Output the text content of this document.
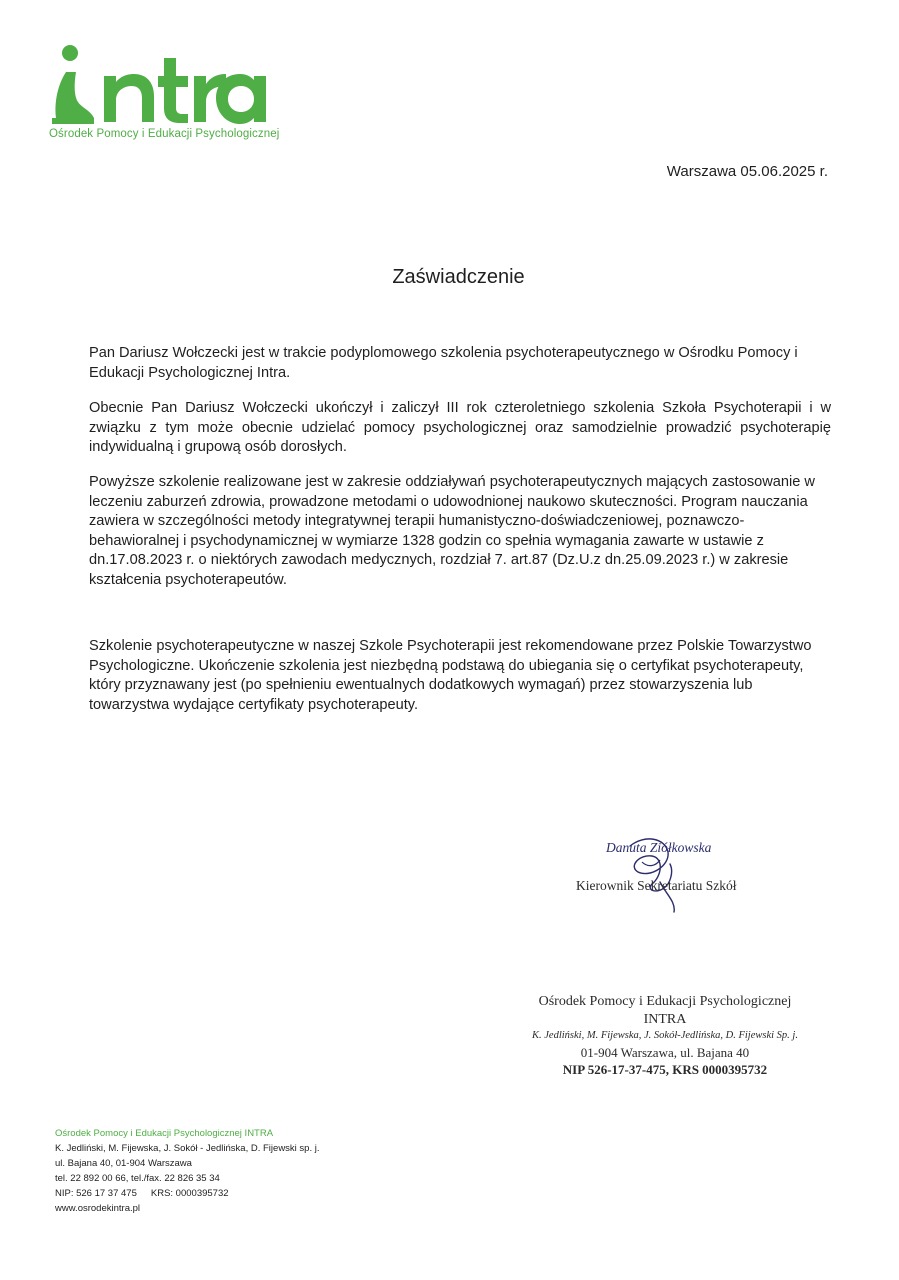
Ośrodek Pomocy i Edukacji Psychologicznej
Warszawa 05.06.2025 r.
Zaświadczenie
Pan Dariusz Wołczecki jest w trakcie podyplomowego szkolenia psychoterapeutycznego w Ośrodku Pomocy i Edukacji Psychologicznej Intra.
Obecnie Pan Dariusz Wołczecki ukończył i zaliczył III rok czteroletniego szkolenia Szkoła Psychoterapii i w związku z tym może obecnie udzielać pomocy psychologicznej oraz samodzielnie prowadzić psychoterapię indywidualną i grupową osób dorosłych.
Powyższe szkolenie realizowane jest w zakresie oddziaływań psychoterapeutycznych mających zastosowanie w leczeniu zaburzeń zdrowia, prowadzone metodami o udowodnionej naukowo skuteczności. Program nauczania zawiera w szczególności metody integratywnej terapii humanistyczno-doświadczeniowej, poznawczo-behawioralnej i psychodynamicznej w wymiarze 1328 godzin co spełnia wymagania zawarte w ustawie z dn.17.08.2023 r. o niektórych zawodach medycznych, rozdział 7. art.87 (Dz.U.z dn.25.09.2023 r.) w zakresie kształcenia psychoterapeutów.
Szkolenie psychoterapeutyczne w naszej Szkole Psychoterapii jest rekomendowane przez Polskie Towarzystwo Psychologiczne. Ukończenie szkolenia jest niezbędną podstawą do ubiegania się o certyfikat psychoterapeuty, który przyznawany jest (po spełnieniu ewentualnych dodatkowych wymagań) przez stowarzyszenia lub towarzystwa wydające certyfikaty psychoterapeuty.
Danuta Ziółkowska
Kierownik Sekretariatu Szkół
Ośrodek Pomocy i Edukacji Psychologicznej
INTRA
K. Jedliński, M. Fijewska, J. Sokół-Jedlińska, D. Fijewski Sp. j.
01-904 Warszawa, ul. Bajana 40
NIP 526-17-37-475, KRS 0000395732
Ośrodek Pomocy i Edukacji Psychologicznej INTRA
K. Jedliński, M. Fijewska, J. Sokół - Jedlińska, D. Fijewski sp. j.
ul. Bajana 40, 01-904 Warszawa
tel. 22 892 00 66, tel./fax. 22 826 35 34
NIP: 526 17 37 475 KRS: 0000395732
www.osrodekintra.pl
